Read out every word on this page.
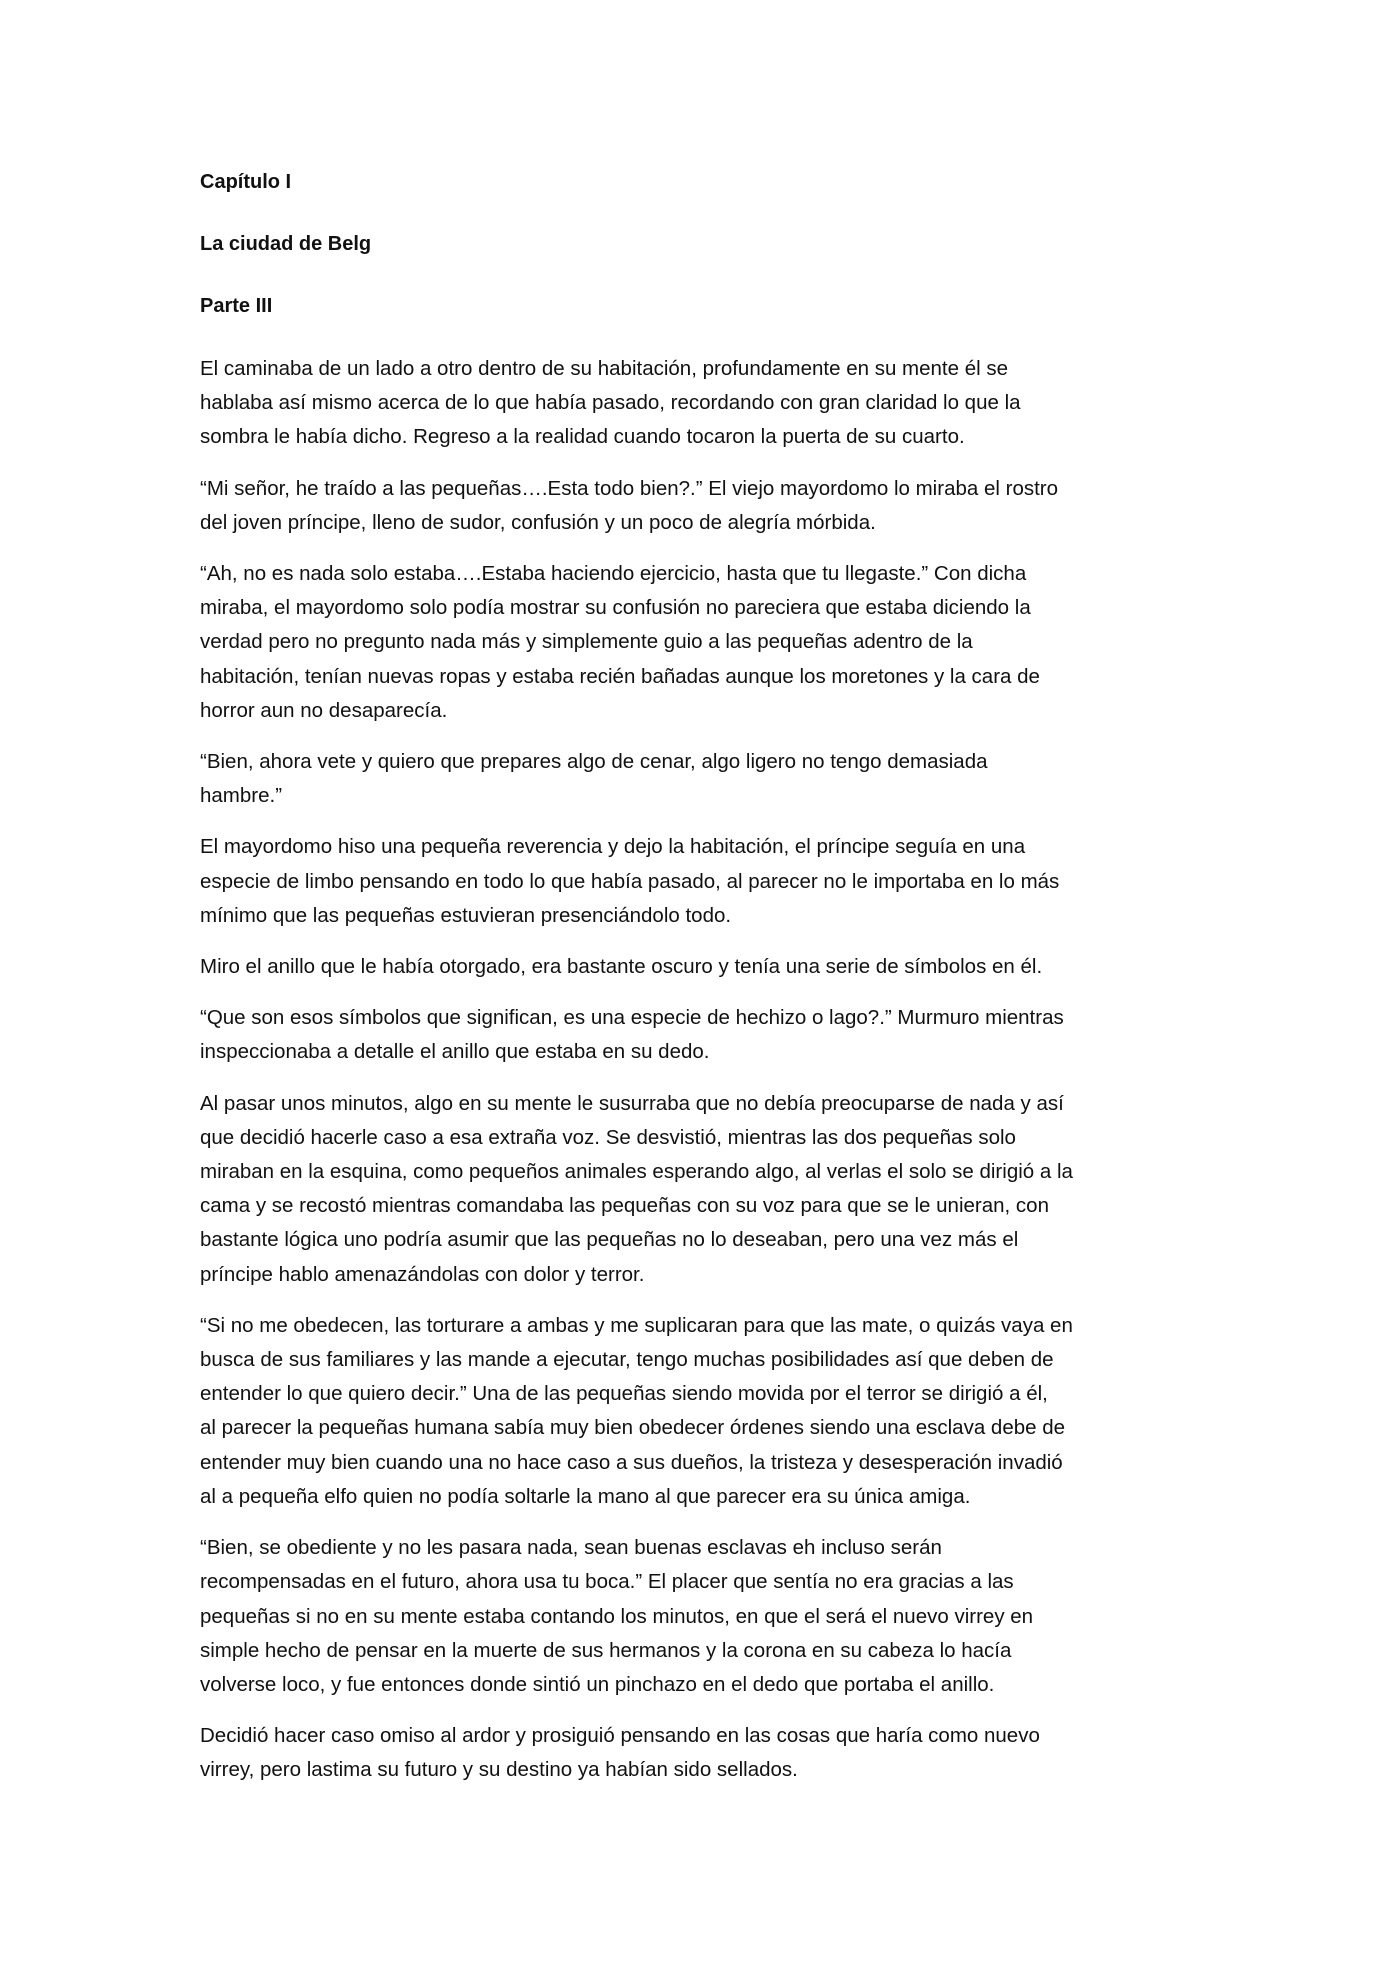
Capítulo I
La ciudad de Belg
Parte III

El caminaba de un lado a otro dentro de su habitación, profundamente en su mente él se
hablaba así mismo acerca de lo que había pasado, recordando con gran claridad lo que la
sombra le había dicho. Regreso a la realidad cuando tocaron la puerta de su cuarto.

“Mi señor, he traído a las pequeñas….Esta todo bien?.” El viejo mayordomo lo miraba el rostro
del joven príncipe, lleno de sudor, confusión y un poco de alegría mórbida.

“Ah, no es nada solo estaba….Estaba haciendo ejercicio, hasta que tu llegaste.” Con dicha
miraba, el mayordomo solo podía mostrar su confusión no pareciera que estaba diciendo la
verdad pero no pregunto nada más y simplemente guio a las pequeñas adentro de la
habitación, tenían nuevas ropas y estaba recién bañadas aunque los moretones y la cara de
horror aun no desaparecía.

“Bien, ahora vete y quiero que prepares algo de cenar, algo ligero no tengo demasiada
hambre.”

El mayordomo hiso una pequeña reverencia y dejo la habitación, el príncipe seguía en una
especie de limbo pensando en todo lo que había pasado, al parecer no le importaba en lo más
mínimo que las pequeñas estuvieran presenciándolo todo.

Miro el anillo que le había otorgado, era bastante oscuro y tenía una serie de símbolos en él.

“Que son esos símbolos que significan, es una especie de hechizo o lago?.” Murmuro mientras
inspeccionaba a detalle el anillo que estaba en su dedo.

Al pasar unos minutos, algo en su mente le susurraba que no debía preocuparse de nada y así
que decidió hacerle caso a esa extraña voz. Se desvistió, mientras las dos pequeñas solo
miraban en la esquina, como pequeños animales esperando algo, al verlas el solo se dirigió a la
cama y se recostó mientras comandaba las pequeñas con su voz para que se le unieran, con
bastante lógica uno podría asumir que las pequeñas no lo deseaban, pero una vez más el
príncipe hablo amenazándolas con dolor y terror.

“Si no me obedecen, las torturare a ambas y me suplicaran para que las mate, o quizás vaya en
busca de sus familiares y las mande a ejecutar, tengo muchas posibilidades así que deben de
entender lo que quiero decir.” Una de las pequeñas siendo movida por el terror se dirigió a él,
al parecer la pequeñas humana sabía muy bien obedecer órdenes siendo una esclava debe de
entender muy bien cuando una no hace caso a sus dueños, la tristeza y desesperación invadió
al a pequeña elfo quien no podía soltarle la mano al que parecer era su única amiga.

“Bien, se obediente y no les pasara nada, sean buenas esclavas eh incluso serán
recompensadas en el futuro, ahora usa tu boca.” El placer que sentía no era gracias a las
pequeñas si no en su mente estaba contando los minutos, en que el será el nuevo virrey en
simple hecho de pensar en la muerte de sus hermanos y la corona en su cabeza lo hacía
volverse loco, y fue entonces donde sintió un pinchazo en el dedo que portaba el anillo.

Decidió hacer caso omiso al ardor y prosiguió pensando en las cosas que haría como nuevo
virrey, pero lastima su futuro y su destino ya habían sido sellados.
